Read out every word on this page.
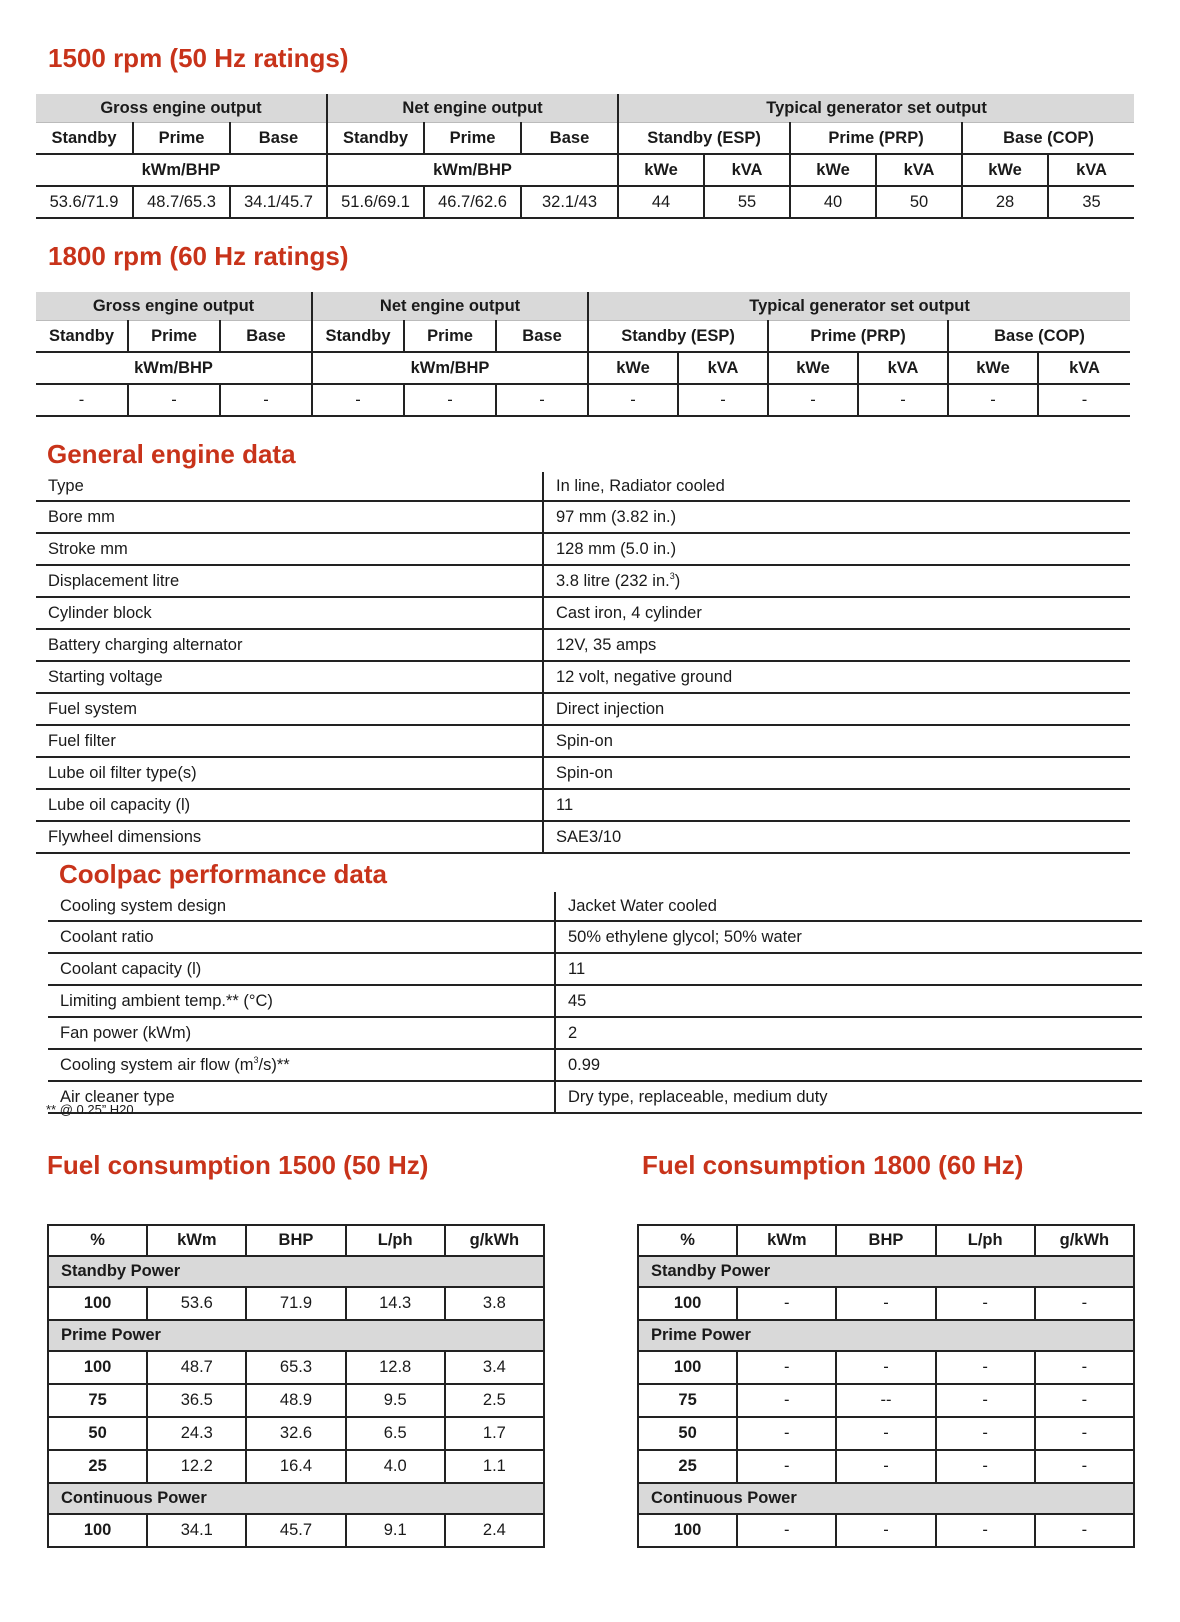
1500 rpm (50 Hz ratings)
Gross engine output			Net engine output			Typical generator set output					
Standby	Prime	Base	Standby	Prime	Base	Standby (ESP)		Prime (PRP)		Base (COP)	
kWm/BHP			kWm/BHP			kWe	kVA	kWe	kVA	kWe	kVA
53.6/71.9	48.7/65.3	34.1/45.7	51.6/69.1	46.7/62.6	32.1/43	44	55	40	50	28	35
1800 rpm (60 Hz ratings)
Gross engine output			Net engine output			Typical generator set output					
Standby	Prime	Base	Standby	Prime	Base	Standby (ESP)		Prime (PRP)		Base (COP)	
kWm/BHP			kWm/BHP			kWe	kVA	kWe	kVA	kWe	kVA
-	-	-	-	-	-	-	-	-	-	-	-
General engine data
Type	In line, Radiator cooled
Bore mm	97 mm (3.82 in.)
Stroke mm	128 mm (5.0 in.)
Displacement litre	3.8 litre (232 in.$^3$)
Cylinder block	Cast iron, 4 cylinder
Battery charging alternator	12V, 35 amps
Starting voltage	12 volt, negative ground
Fuel system	Direct injection
Fuel filter	Spin-on
Lube oil filter type(s)	Spin-on
Lube oil capacity (l)	11
Flywheel dimensions	SAE3/10
Coolpac performance data
Cooling system design	Jacket Water cooled
Coolant ratio	50% ethylene glycol; 50% water
Coolant capacity (l)	11
Limiting ambient temp.** (°C)	45
Fan power (kWm)	2
Cooling system air flow $(m^3/s)**$	0.99
Air cleaner type	Dry type, replaceable, medium duty
** @ 0.25” H20
Fuel consumption 1500 (50 Hz)
%	kWm	BHP	L/ph	g/kWh
Standby Power				
100	53.6	71.9	14.3	3.8
Prime Power				
100	48.7	65.3	12.8	3.4
75	36.5	48.9	9.5	2.5
50	24.3	32.6	6.5	1.7
25	12.2	16.4	4.0	1.1
Continuous Power				
100	34.1	45.7	9.1	2.4
Fuel consumption 1800 (60 Hz)
%	kWm	BHP	L/ph	g/kWh
Standby Power				
100	-	-	-	-
Prime Power				
100	-	-	-	-
75	-	--	-	-
50	-	-	-	-
25	-	-	-	-
Continuous Power				
100	-	-	-	-
